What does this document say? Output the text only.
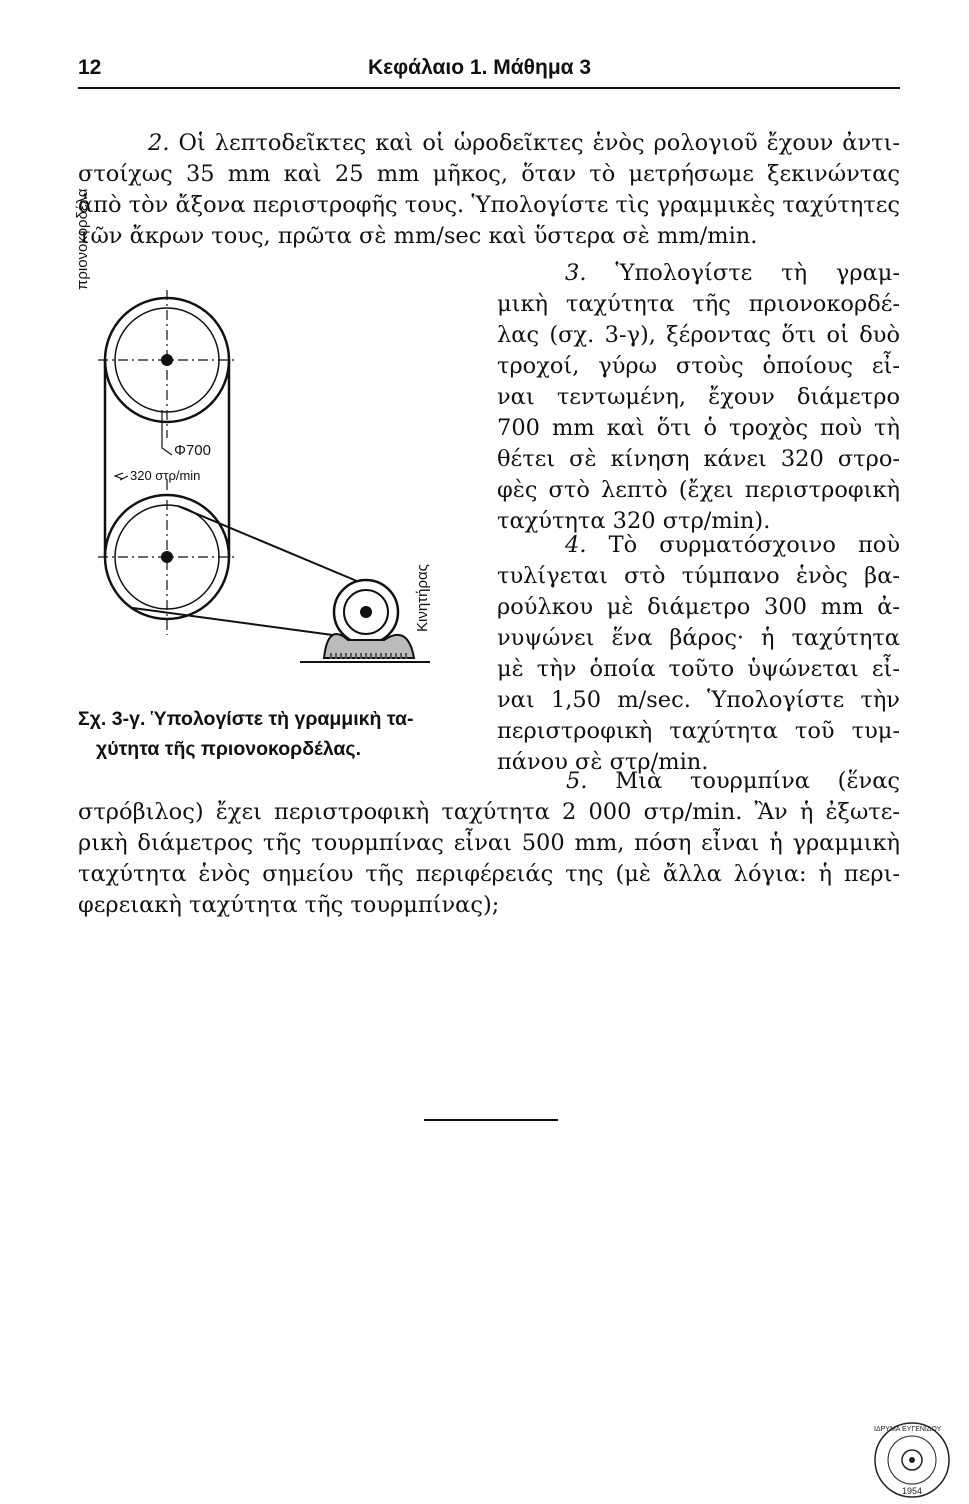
12	Κεφάλαιο 1. Μάθημα 3
2. Οἱ λεπτοδεῖκτες καὶ οἱ ὡροδεῖκτες ἑνὸς ρολογιοῦ ἔχουν ἀντι-
στοίχως 35 mm καὶ 25 mm μῆκος, ὅταν τὸ μετρήσωμε ξεκινώντας
ἀπὸ τὸν ἄξονα περιστροφῆς τους. Ὑπολογίστε τὶς γραμμικὲς ταχύτητες
τῶν ἄκρων τους, πρῶτα σὲ mm/sec καὶ ὕστερα σὲ mm/min.
3. Ὑπολογίστε τὴ γραμ-
μικὴ ταχύτητα τῆς πριονοκορδέ-
λας (σχ. 3-γ), ξέροντας ὅτι οἱ δυὸ
τροχοί, γύρω στοὺς ὁποίους εἶ-
ναι τεντωμένη, ἔχουν διάμετρο
700 mm καὶ ὅτι ὁ τροχὸς ποὺ τὴ
θέτει σὲ κίνηση κάνει 320 στρο-
φὲς στὸ λεπτὸ (ἔχει περιστροφικὴ
ταχύτητα 320 στρ/min).
4. Τὸ συρματόσχοινο ποὺ
τυλίγεται στὸ τύμπανο ἑνὸς βα-
ρούλκου μὲ διάμετρο 300 mm ἀ-
νυψώνει ἕνα βάρος· ἡ ταχύτητα
μὲ τὴν ὁποία τοῦτο ὑψώνεται εἶ-
ναι 1,50 m/sec. Ὑπολογίστε τὴν
περιστροφικὴ ταχύτητα τοῦ τυμ-
πάνου σὲ στρ/min.
5. Μιὰ τουρμπίνα (ἕνας
στρόβιλος) ἔχει περιστροφικὴ ταχύτητα 2 000 στρ/min. Ἂν ἡ ἐξωτε-
ρικὴ διάμετρος τῆς τουρμπίνας εἶναι 500 mm, πόση εἶναι ἡ γραμμικὴ
ταχύτητα ἑνὸς σημείου τῆς περιφέρειάς της (μὲ ἄλλα λόγια: ἡ περι-
φερειακὴ ταχύτητα τῆς τουρμπίνας);
πριονοκορδέλα
Φ700
320 στρ/min
Κινητήρας
Σχ. 3-γ. Ὑπολογίστε τὴ γραμμικὴ τα-
χύτητα τῆς πριονοκορδέλας.
ΙΔΡΥΜΑ ΕΥΓΕΝΙΔΟΥ
1954
